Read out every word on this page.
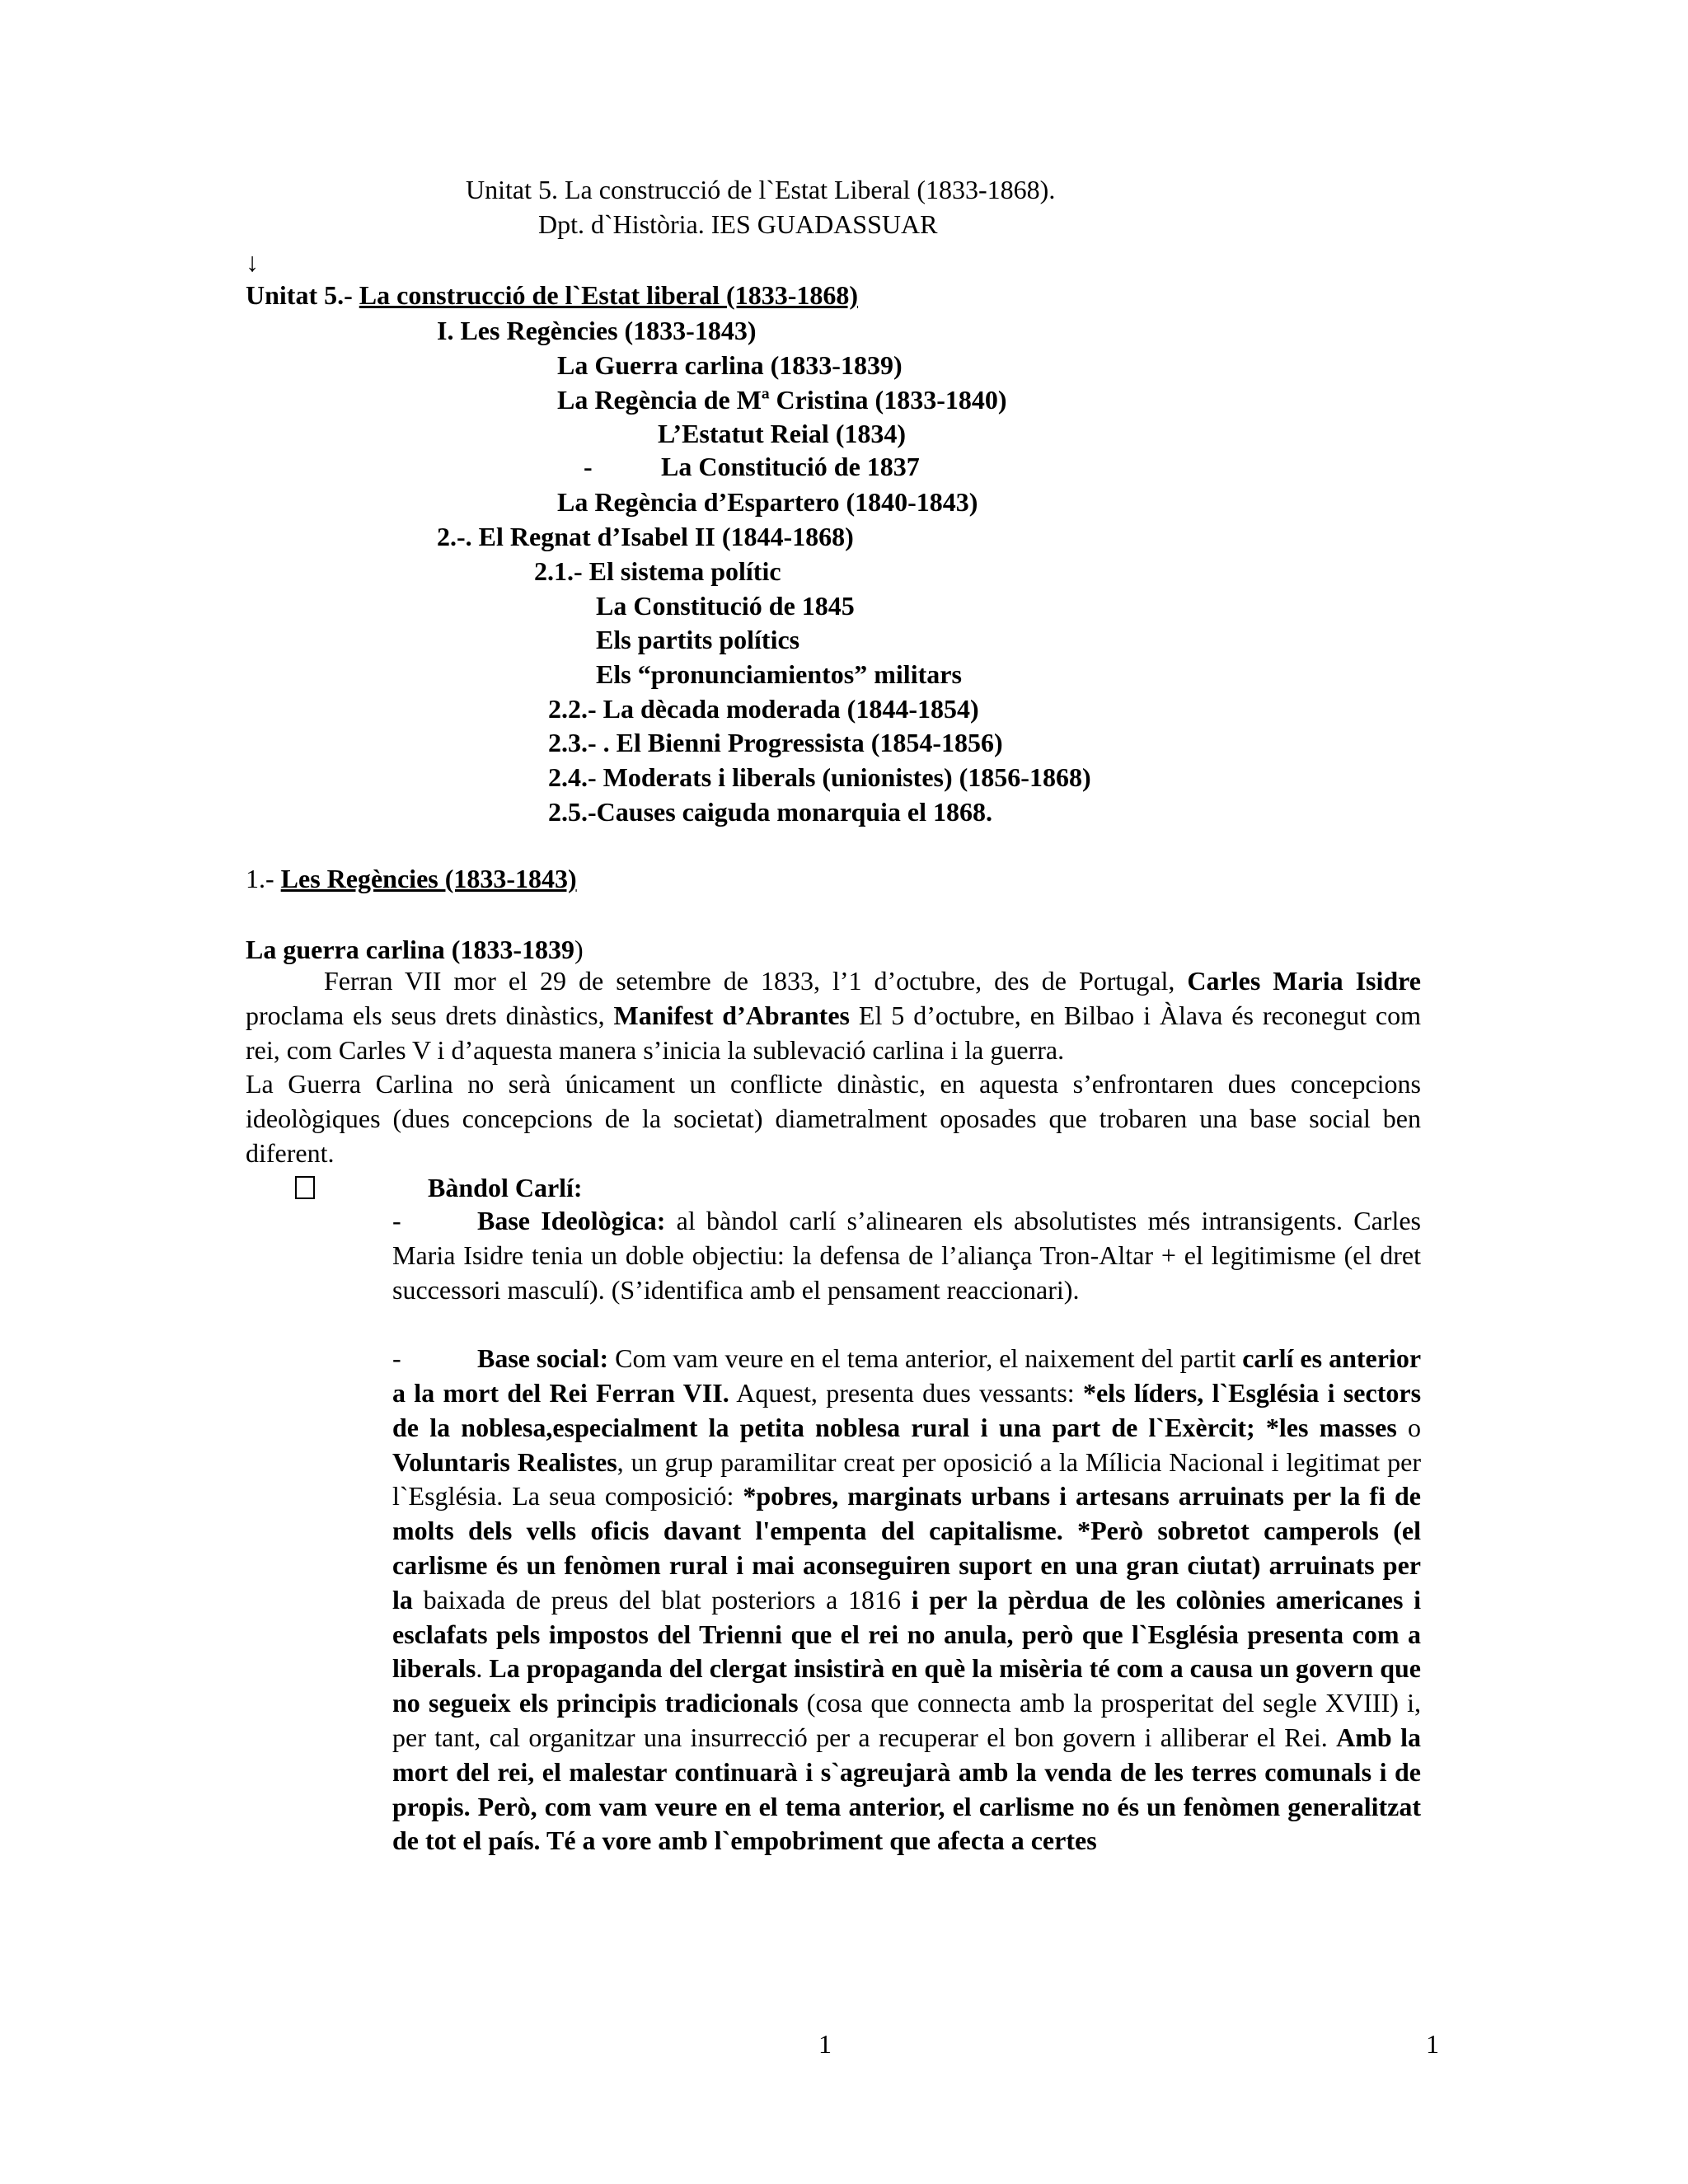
Unitat 5. La construcció de l`Estat Liberal (1833-1868).
Dpt. d`Història. IES GUADASSUAR
↓
Unitat 5.- La construcció de l`Estat liberal (1833-1868)
I. Les Regències (1833-1843)
La Guerra carlina (1833-1839)
La Regència de Mª Cristina (1833-1840)
L’Estatut Reial (1834)
-	La Constitució de 1837
La Regència d’Espartero (1840-1843)
2.-. El Regnat d’Isabel II (1844-1868)
2.1.- El sistema polític
La Constitució de 1845
Els partits polítics
Els “pronunciamientos” militars
2.2.- La dècada moderada (1844-1854)
2.3.- . El Bienni Progressista (1854-1856)
2.4.- Moderats i liberals (unionistes) (1856-1868)
2.5.-Causes caiguda monarquia el 1868.
1.- Les Regències (1833-1843)
La guerra carlina (1833-1839)

Ferran VII mor el 29 de setembre de 1833, l’1 d’octubre, des de Portugal, Carles Maria Isidre proclama els seus drets dinàstics, Manifest d’Abrantes El 5 d’octubre, en Bilbao i Àlava és reconegut com rei, com Carles V i d’aquesta manera s’inicia la sublevació carlina i la guerra.

La Guerra Carlina no serà únicament un conflicte dinàstic, en aquesta s’enfrontaren dues concepcions ideològiques (dues concepcions de la societat) diametralment oposades que trobaren una base social ben diferent.

Bàndol Carlí:

-	Base Ideològica: al bàndol carlí s’alinearen els absolutistes més intransigents. Carles Maria Isidre tenia un doble objectiu: la defensa de l’aliança Tron-Altar + el legitimisme (el dret successori masculí). (S’identifica amb el pensament reaccionari).

-	Base social: Com vam veure en el tema anterior, el naixement del partit carlí es anterior a la mort del Rei Ferran VII. Aquest, presenta dues vessants: *els líders, l`Església i sectors de la noblesa,especialment la petita noblesa rural i una part de l`Exèrcit; *les masses o Voluntaris Realistes, un grup paramilitar creat per oposició a la Mílicia Nacional i legitimat per l`Església. La seua composició: *pobres, marginats urbans i artesans arruinats per la fi de molts dels vells oficis davant l'empenta del capitalisme. *Però sobretot camperols (el carlisme és un fenòmen rural i mai aconseguiren suport en una gran ciutat) arruinats per la baixada de preus del blat posteriors a 1816 i per la pèrdua de les colònies americanes i esclafats pels impostos del Trienni que el rei no anula, però que l`Església presenta com a liberals. La propaganda del clergat insistirà en què la misèria té com a causa un govern que no segueix els principis tradicionals (cosa que connecta amb la prosperitat del segle XVIII) i, per tant, cal organitzar una insurrecció per a recuperar el bon govern i alliberar el Rei. Amb la mort del rei, el malestar continuarà i s`agreujarà amb la venda de les terres comunals i de propis. Però, com vam veure en el tema anterior, el carlisme no és un fenòmen generalitzat de tot el país. Té a vore amb l`empobriment que afecta a certes

1	1
